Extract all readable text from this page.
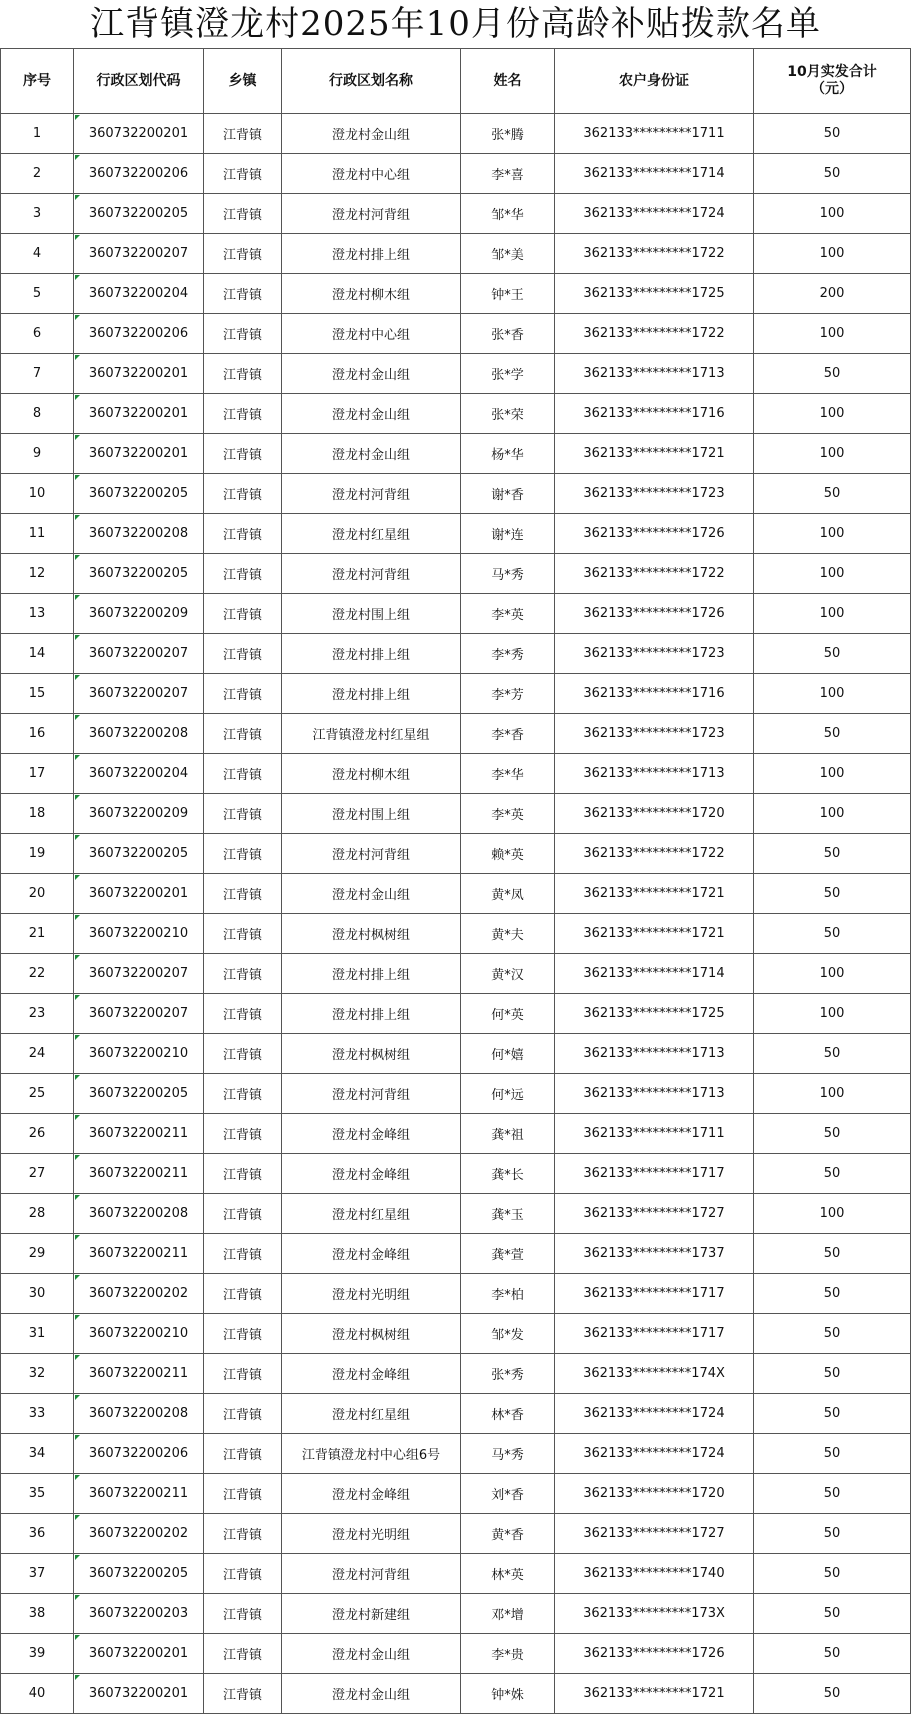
江背镇澄龙村2025年10月份高龄补贴拨款名单
序号	行政区划代码	乡镇	行政区划名称	姓名	农户身份证	10月实发合计
（元）

1	360732200201	江背镇	澄龙村金山组	张*腾	362133*********1711	50
2	360732200206	江背镇	澄龙村中心组	李*喜	362133*********1714	50
3	360732200205	江背镇	澄龙村河背组	邹*华	362133*********1724	100
4	360732200207	江背镇	澄龙村排上组	邹*美	362133*********1722	100
5	360732200204	江背镇	澄龙村柳木组	钟*王	362133*********1725	200
6	360732200206	江背镇	澄龙村中心组	张*香	362133*********1722	100
7	360732200201	江背镇	澄龙村金山组	张*学	362133*********1713	50
8	360732200201	江背镇	澄龙村金山组	张*荣	362133*********1716	100
9	360732200201	江背镇	澄龙村金山组	杨*华	362133*********1721	100
10	360732200205	江背镇	澄龙村河背组	谢*香	362133*********1723	50
11	360732200208	江背镇	澄龙村红星组	谢*连	362133*********1726	100
12	360732200205	江背镇	澄龙村河背组	马*秀	362133*********1722	100
13	360732200209	江背镇	澄龙村围上组	李*英	362133*********1726	100
14	360732200207	江背镇	澄龙村排上组	李*秀	362133*********1723	50
15	360732200207	江背镇	澄龙村排上组	李*芳	362133*********1716	100
16	360732200208	江背镇	江背镇澄龙村红星组	李*香	362133*********1723	50
17	360732200204	江背镇	澄龙村柳木组	李*华	362133*********1713	100
18	360732200209	江背镇	澄龙村围上组	李*英	362133*********1720	100
19	360732200205	江背镇	澄龙村河背组	赖*英	362133*********1722	50
20	360732200201	江背镇	澄龙村金山组	黄*凤	362133*********1721	50
21	360732200210	江背镇	澄龙村枫树组	黄*夫	362133*********1721	50
22	360732200207	江背镇	澄龙村排上组	黄*汉	362133*********1714	100
23	360732200207	江背镇	澄龙村排上组	何*英	362133*********1725	100
24	360732200210	江背镇	澄龙村枫树组	何*嬉	362133*********1713	50
25	360732200205	江背镇	澄龙村河背组	何*远	362133*********1713	100
26	360732200211	江背镇	澄龙村金峰组	龚*祖	362133*********1711	50
27	360732200211	江背镇	澄龙村金峰组	龚*长	362133*********1717	50
28	360732200208	江背镇	澄龙村红星组	龚*玉	362133*********1727	100
29	360732200211	江背镇	澄龙村金峰组	龚*萱	362133*********1737	50
30	360732200202	江背镇	澄龙村光明组	李*柏	362133*********1717	50
31	360732200210	江背镇	澄龙村枫树组	邹*发	362133*********1717	50
32	360732200211	江背镇	澄龙村金峰组	张*秀	362133*********174X	50
33	360732200208	江背镇	澄龙村红星组	林*香	362133*********1724	50
34	360732200206	江背镇	江背镇澄龙村中心组6号	马*秀	362133*********1724	50
35	360732200211	江背镇	澄龙村金峰组	刘*香	362133*********1720	50
36	360732200202	江背镇	澄龙村光明组	黄*香	362133*********1727	50
37	360732200205	江背镇	澄龙村河背组	林*英	362133*********1740	50
38	360732200203	江背镇	澄龙村新建组	邓*增	362133*********173X	50
39	360732200201	江背镇	澄龙村金山组	李*贵	362133*********1726	50
40	360732200201	江背镇	澄龙村金山组	钟*姝	362133*********1721	50
